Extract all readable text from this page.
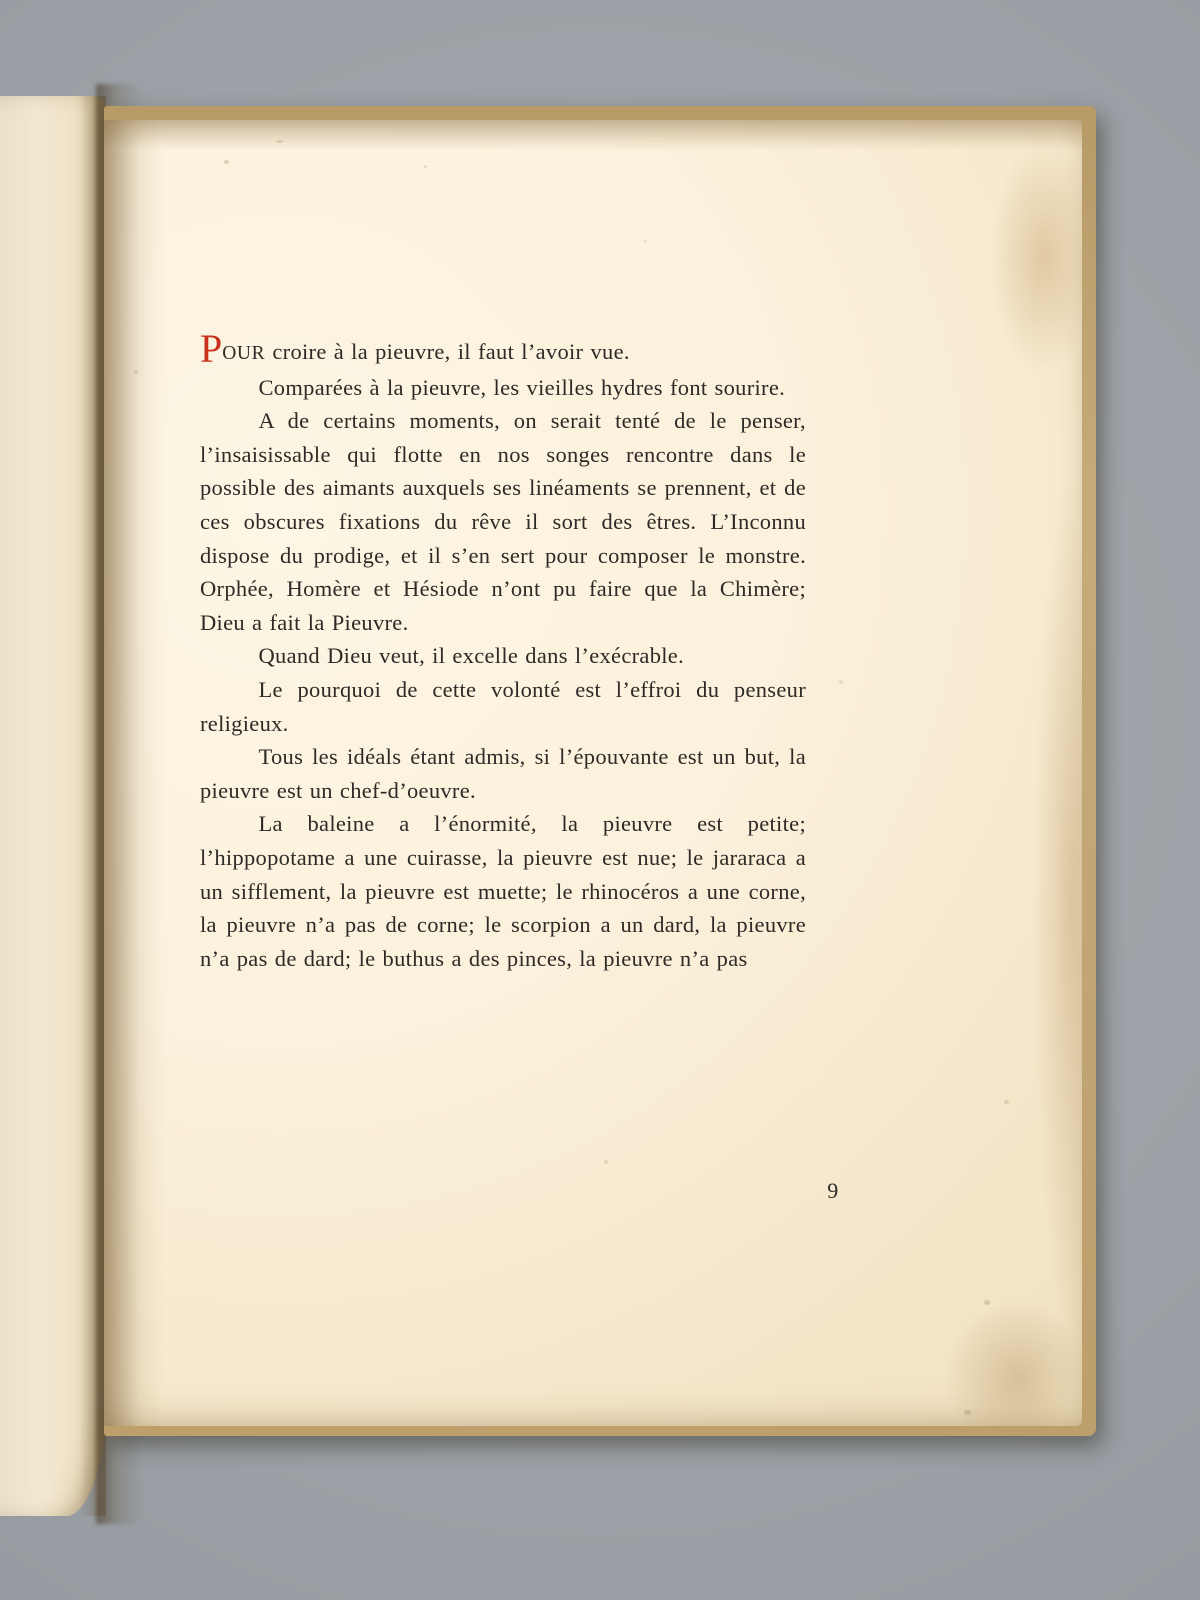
POUR croire à la pieuvre, il faut l’avoir vue.

Comparées à la pieuvre, les vieilles hydres font sourire.

A de certains moments, on serait tenté de le penser, l’insaisissable qui flotte en nos songes rencontre dans le possible des aimants auxquels ses linéaments se prennent, et de ces obscures fixations du rêve il sort des êtres. L’Inconnu dispose du prodige, et il s’en sert pour composer le monstre. Orphée, Homère et Hésiode n’ont pu faire que la Chimère; Dieu a fait la Pieuvre.

Quand Dieu veut, il excelle dans l’exécrable.

Le pourquoi de cette volonté est l’effroi du penseur religieux.

Tous les idéals étant admis, si l’épouvante est un but, la pieuvre est un chef-d’oeuvre.

La baleine a l’énormité, la pieuvre est petite; l’hippopotame a une cuirasse, la pieuvre est nue; le jararaca a un sifflement, la pieuvre est muette; le rhinocéros a une corne, la pieuvre n’a pas de corne; le scorpion a un dard, la pieuvre n’a pas de dard; le buthus a des pinces, la pieuvre n’a pas

9
